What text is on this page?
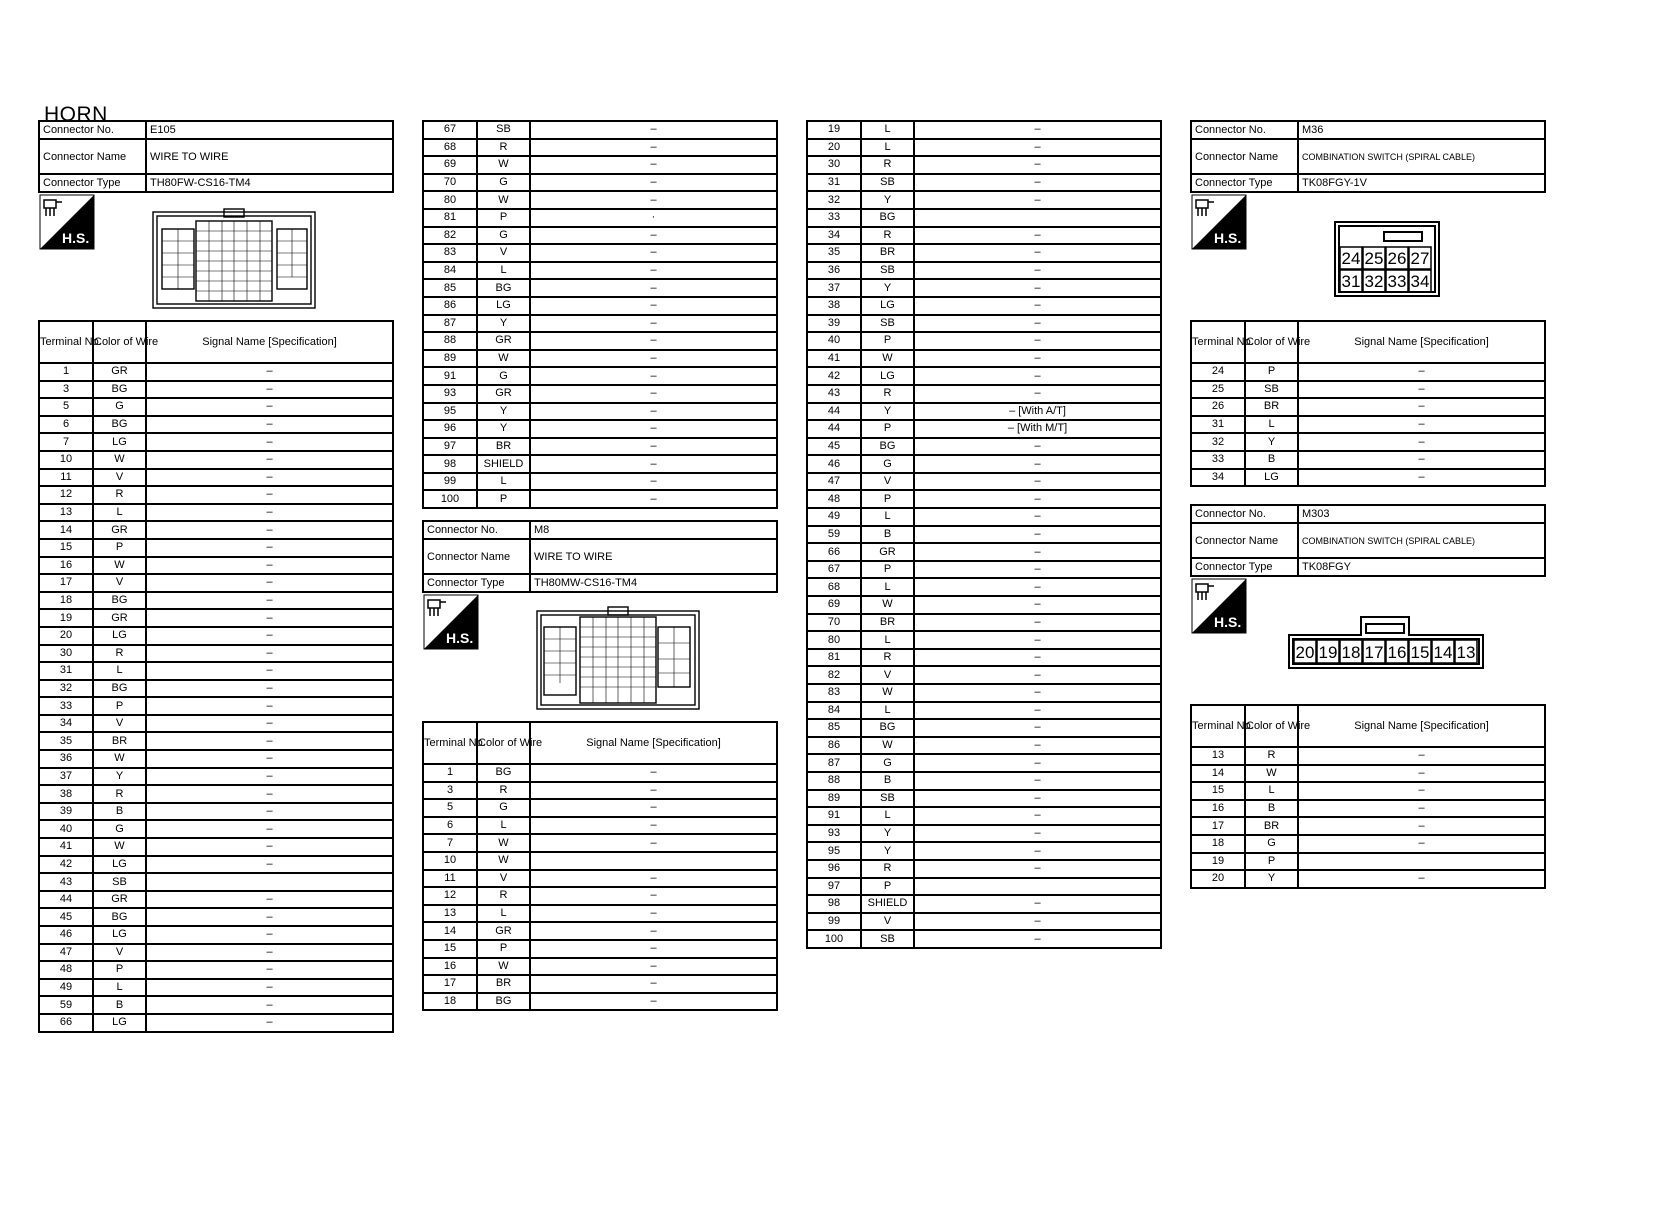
HORN
Connector No.	E105
Connector Name	WIRE TO WIRE
Connector Type	TH80FW-CS16-TM4
H.S.
Terminal No.	Color of Wire	Signal Name [Specification]
1	GR	–
3	BG	–
5	G	–
6	BG	–
7	LG	–
10	W	–
11	V	–
12	R	–
13	L	–
14	GR	–
15	P	–
16	W	–
17	V	–
18	BG	–
19	GR	–
20	LG	–
30	R	–
31	L	–
32	BG	–
33	P	–
34	V	–
35	BR	–
36	W	–
37	Y	–
38	R	–
39	B	–
40	G	–
41	W	–
42	LG	–
43	SB	
44	GR	–
45	BG	–
46	LG	–
47	V	–
48	P	–
49	L	–
59	B	–
66	LG	–
67	SB	–
68	R	–
69	W	–
70	G	–
80	W	–
81	P	·
82	G	–
83	V	–
84	L	–
85	BG	–
86	LG	–
87	Y	–
88	GR	–
89	W	–
91	G	–
93	GR	–
95	Y	–
96	Y	–
97	BR	–
98	SHIELD	–
99	L	–
100	P	–
Connector No.	M8
Connector Name	WIRE TO WIRE
Connector Type	TH80MW-CS16-TM4
H.S.
Terminal No.	Color of Wire	Signal Name [Specification]
1	BG	–
3	R	–
5	G	–
6	L	–
7	W	–
10	W	
11	V	–
12	R	–
13	L	–
14	GR	–
15	P	–
16	W	–
17	BR	–
18	BG	–
19	L	–
20	L	–
30	R	–
31	SB	–
32	Y	–
33	BG	
34	R	–
35	BR	–
36	SB	–
37	Y	–
38	LG	–
39	SB	–
40	P	–
41	W	–
42	LG	–
43	R	–
44	Y	– [With A/T]
44	P	– [With M/T]
45	BG	–
46	G	–
47	V	–
48	P	–
49	L	–
59	B	–
66	GR	–
67	P	–
68	L	–
69	W	–
70	BR	–
80	L	–
81	R	–
82	V	–
83	W	–
84	L	–
85	BG	–
86	W	–
87	G	–
88	B	–
89	SB	–
91	L	–
93	Y	–
95	Y	–
96	R	–
97	P	
98	SHIELD	–
99	V	–
100	SB	–
Connector No.	M36
Connector Name	COMBINATION SWITCH (SPIRAL CABLE)
Connector Type	TK08FGY-1V
H.S.
24 25 26 27
31 32 33 34
Terminal No.	Color of Wire	Signal Name [Specification]
24	P	–
25	SB	–
26	BR	–
31	L	–
32	Y	–
33	B	–
34	LG	–
Connector No.	M303
Connector Name	COMBINATION SWITCH (SPIRAL CABLE)
Connector Type	TK08FGY
H.S.
20 19 18 17 16 15 14 13
Terminal No.	Color of Wire	Signal Name [Specification]
13	R	–
14	W	–
15	L	–
16	B	–
17	BR	–
18	G	–
19	P	
20	Y	–
